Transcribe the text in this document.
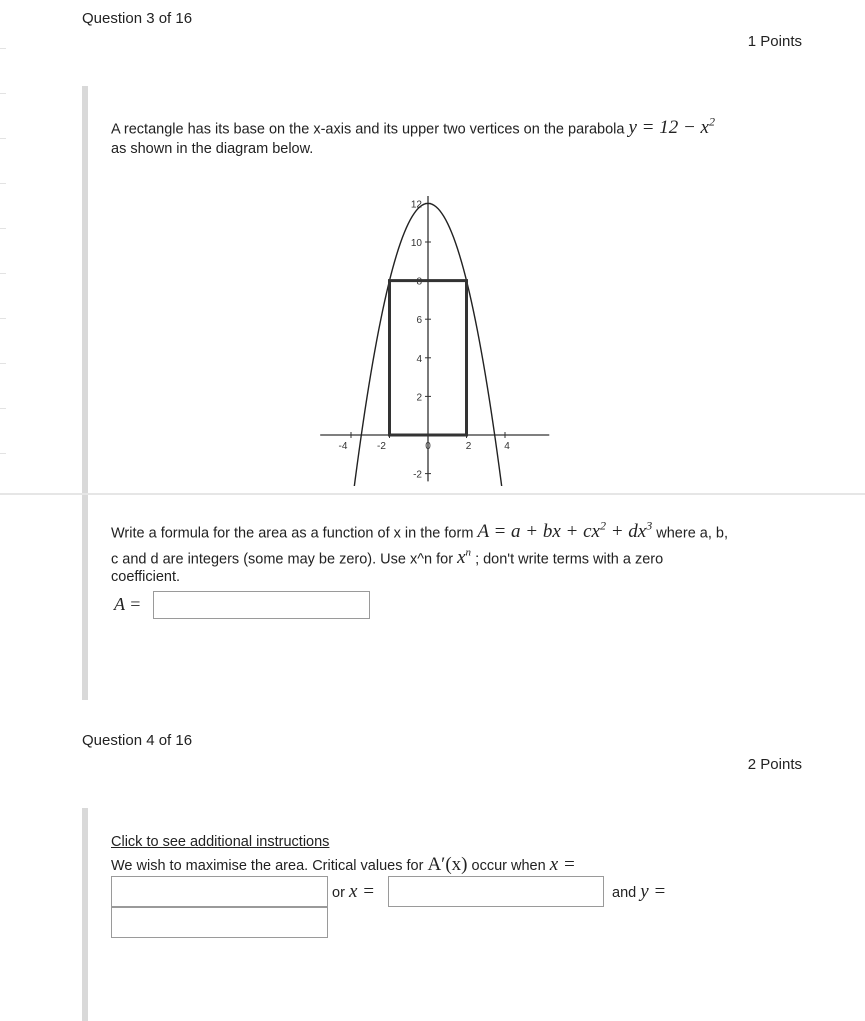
Question 3 of 16
1 Points
A rectangle has its base on the x-axis and its upper two vertices on the parabola $y = 12 - x^2$
as shown in the diagram below.
-4	-2	0	2	4
12
10
8
6
4
2
-2
Write a formula for the area as a function of x in the form A = a + bx + $cx^2 + dx^3$ where a, b,
c and d are integers (some may be zero). Use x^n for $x^n$ ; don't write terms with a zero
coefficient.
A =
Question 4 of 16
2 Points
Click to see additional instructions
We wish to maximise the area. Critical values for A′(x) occur when x =
or x =	and y =
